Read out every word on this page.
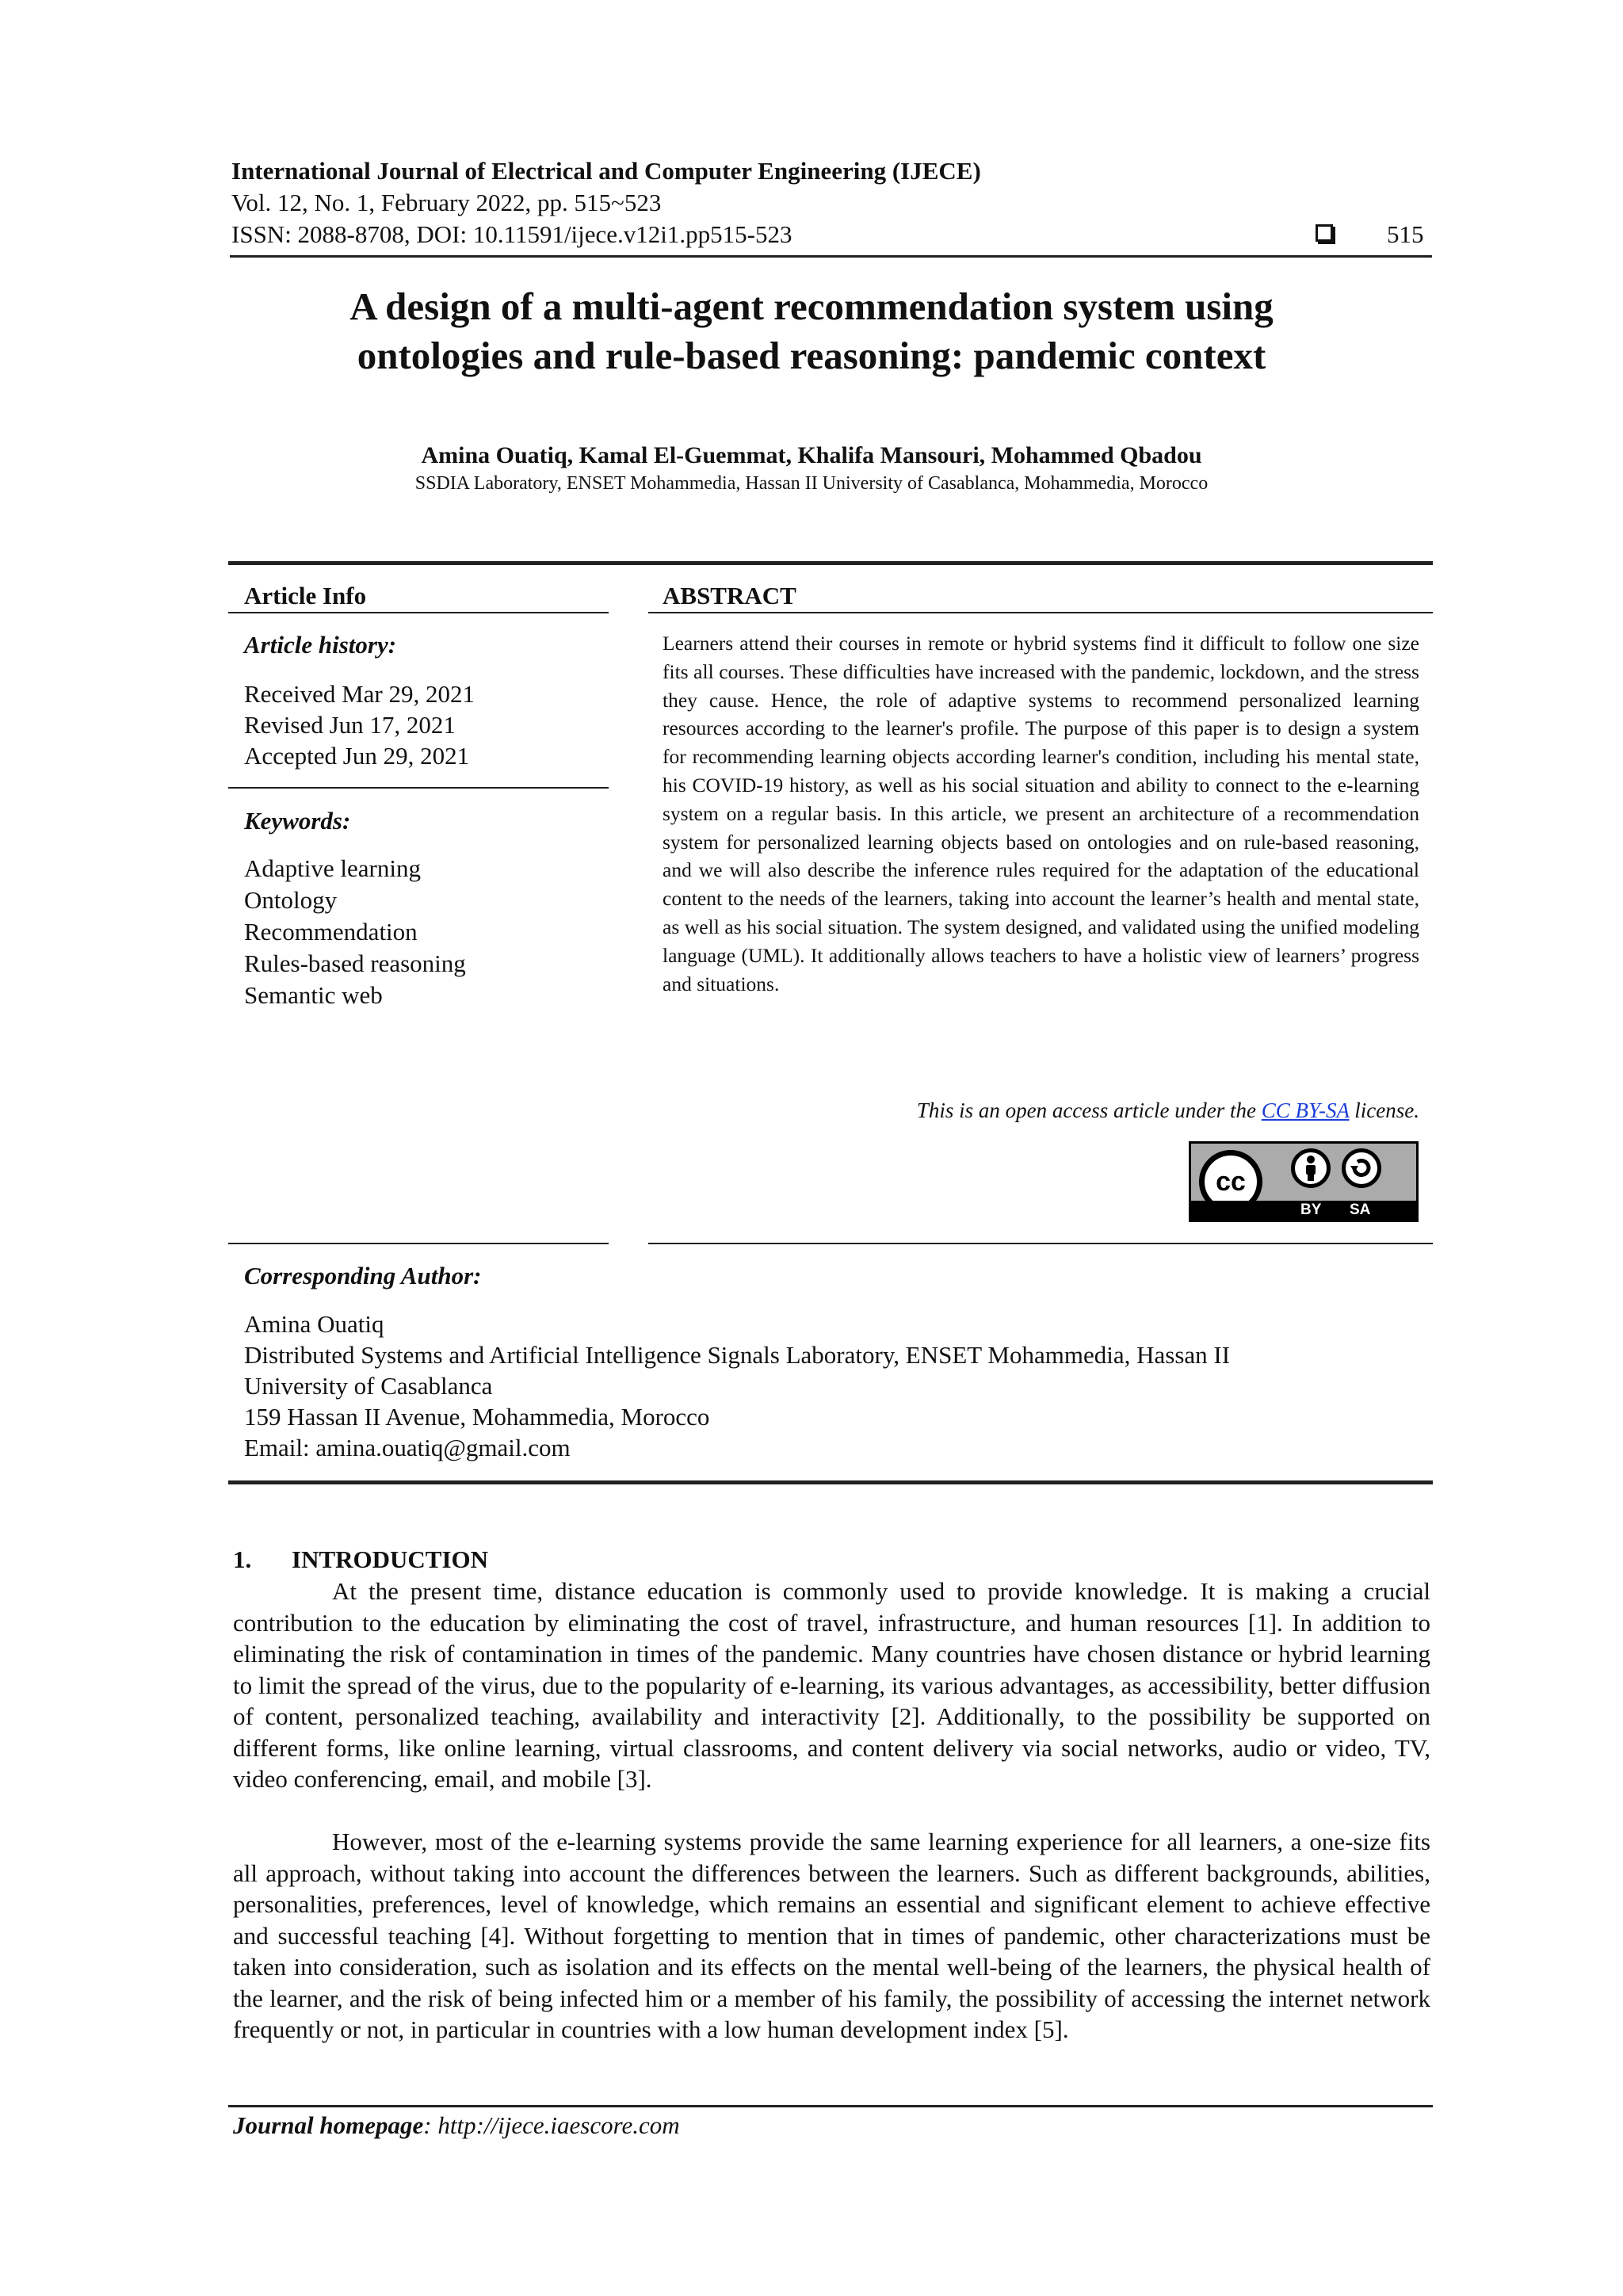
International Journal of Electrical and Computer Engineering (IJECE)
Vol. 12, No. 1, February 2022, pp. 515~523
ISSN: 2088-8708, DOI: 10.11591/ijece.v12i1.pp515-523	515
A design of a multi-agent recommendation system using
ontologies and rule-based reasoning: pandemic context
Amina Ouatiq, Kamal El-Guemmat, Khalifa Mansouri, Mohammed Qbadou
SSDIA Laboratory, ENSET Mohammedia, Hassan II University of Casablanca, Mohammedia, Morocco
Article Info	ABSTRACT
Article history:
Received Mar 29, 2021
Revised Jun 17, 2021
Accepted Jun 29, 2021
Keywords:
Adaptive learning
Ontology
Recommendation
Rules-based reasoning
Semantic web
Learners attend their courses in remote or hybrid systems find it difficult to follow one size fits all courses. These difficulties have increased with the pandemic, lockdown, and the stress they cause. Hence, the role of adaptive systems to recommend personalized learning resources according to the learner's profile. The purpose of this paper is to design a system for recommending learning objects according learner's condition, including his mental state, his COVID-19 history, as well as his social situation and ability to connect to the e-learning system on a regular basis. In this article, we present an architecture of a recommendation system for personalized learning objects based on ontologies and on rule-based reasoning, and we will also describe the inference rules required for the adaptation of the educational content to the needs of the learners, taking into account the learner’s health and mental state, as well as his social situation. The system designed, and validated using the unified modeling language (UML). It additionally allows teachers to have a holistic view of learners’ progress and situations.
This is an open access article under the CC BY-SA license.
cc
BY SA
Corresponding Author:
Amina Ouatiq
Distributed Systems and Artificial Intelligence Signals Laboratory, ENSET Mohammedia, Hassan II
University of Casablanca
159 Hassan II Avenue, Mohammedia, Morocco
Email: amina.ouatiq@gmail.com
1. INTRODUCTION
At the present time, distance education is commonly used to provide knowledge. It is making a crucial contribution to the education by eliminating the cost of travel, infrastructure, and human resources [1]. In addition to eliminating the risk of contamination in times of the pandemic. Many countries have chosen distance or hybrid learning to limit the spread of the virus, due to the popularity of e-learning, its various advantages, as accessibility, better diffusion of content, personalized teaching, availability and interactivity [2]. Additionally, to the possibility be supported on different forms, like online learning, virtual classrooms, and content delivery via social networks, audio or video, TV, video conferencing, email, and mobile [3].
However, most of the e-learning systems provide the same learning experience for all learners, a one-size fits all approach, without taking into account the differences between the learners. Such as different backgrounds, abilities, personalities, preferences, level of knowledge, which remains an essential and significant element to achieve effective and successful teaching [4]. Without forgetting to mention that in times of pandemic, other characterizations must be taken into consideration, such as isolation and its effects on the mental well-being of the learners, the physical health of the learner, and the risk of being infected him or a member of his family, the possibility of accessing the internet network frequently or not, in particular in countries with a low human development index [5].
Journal homepage: http://ijece.iaescore.com
